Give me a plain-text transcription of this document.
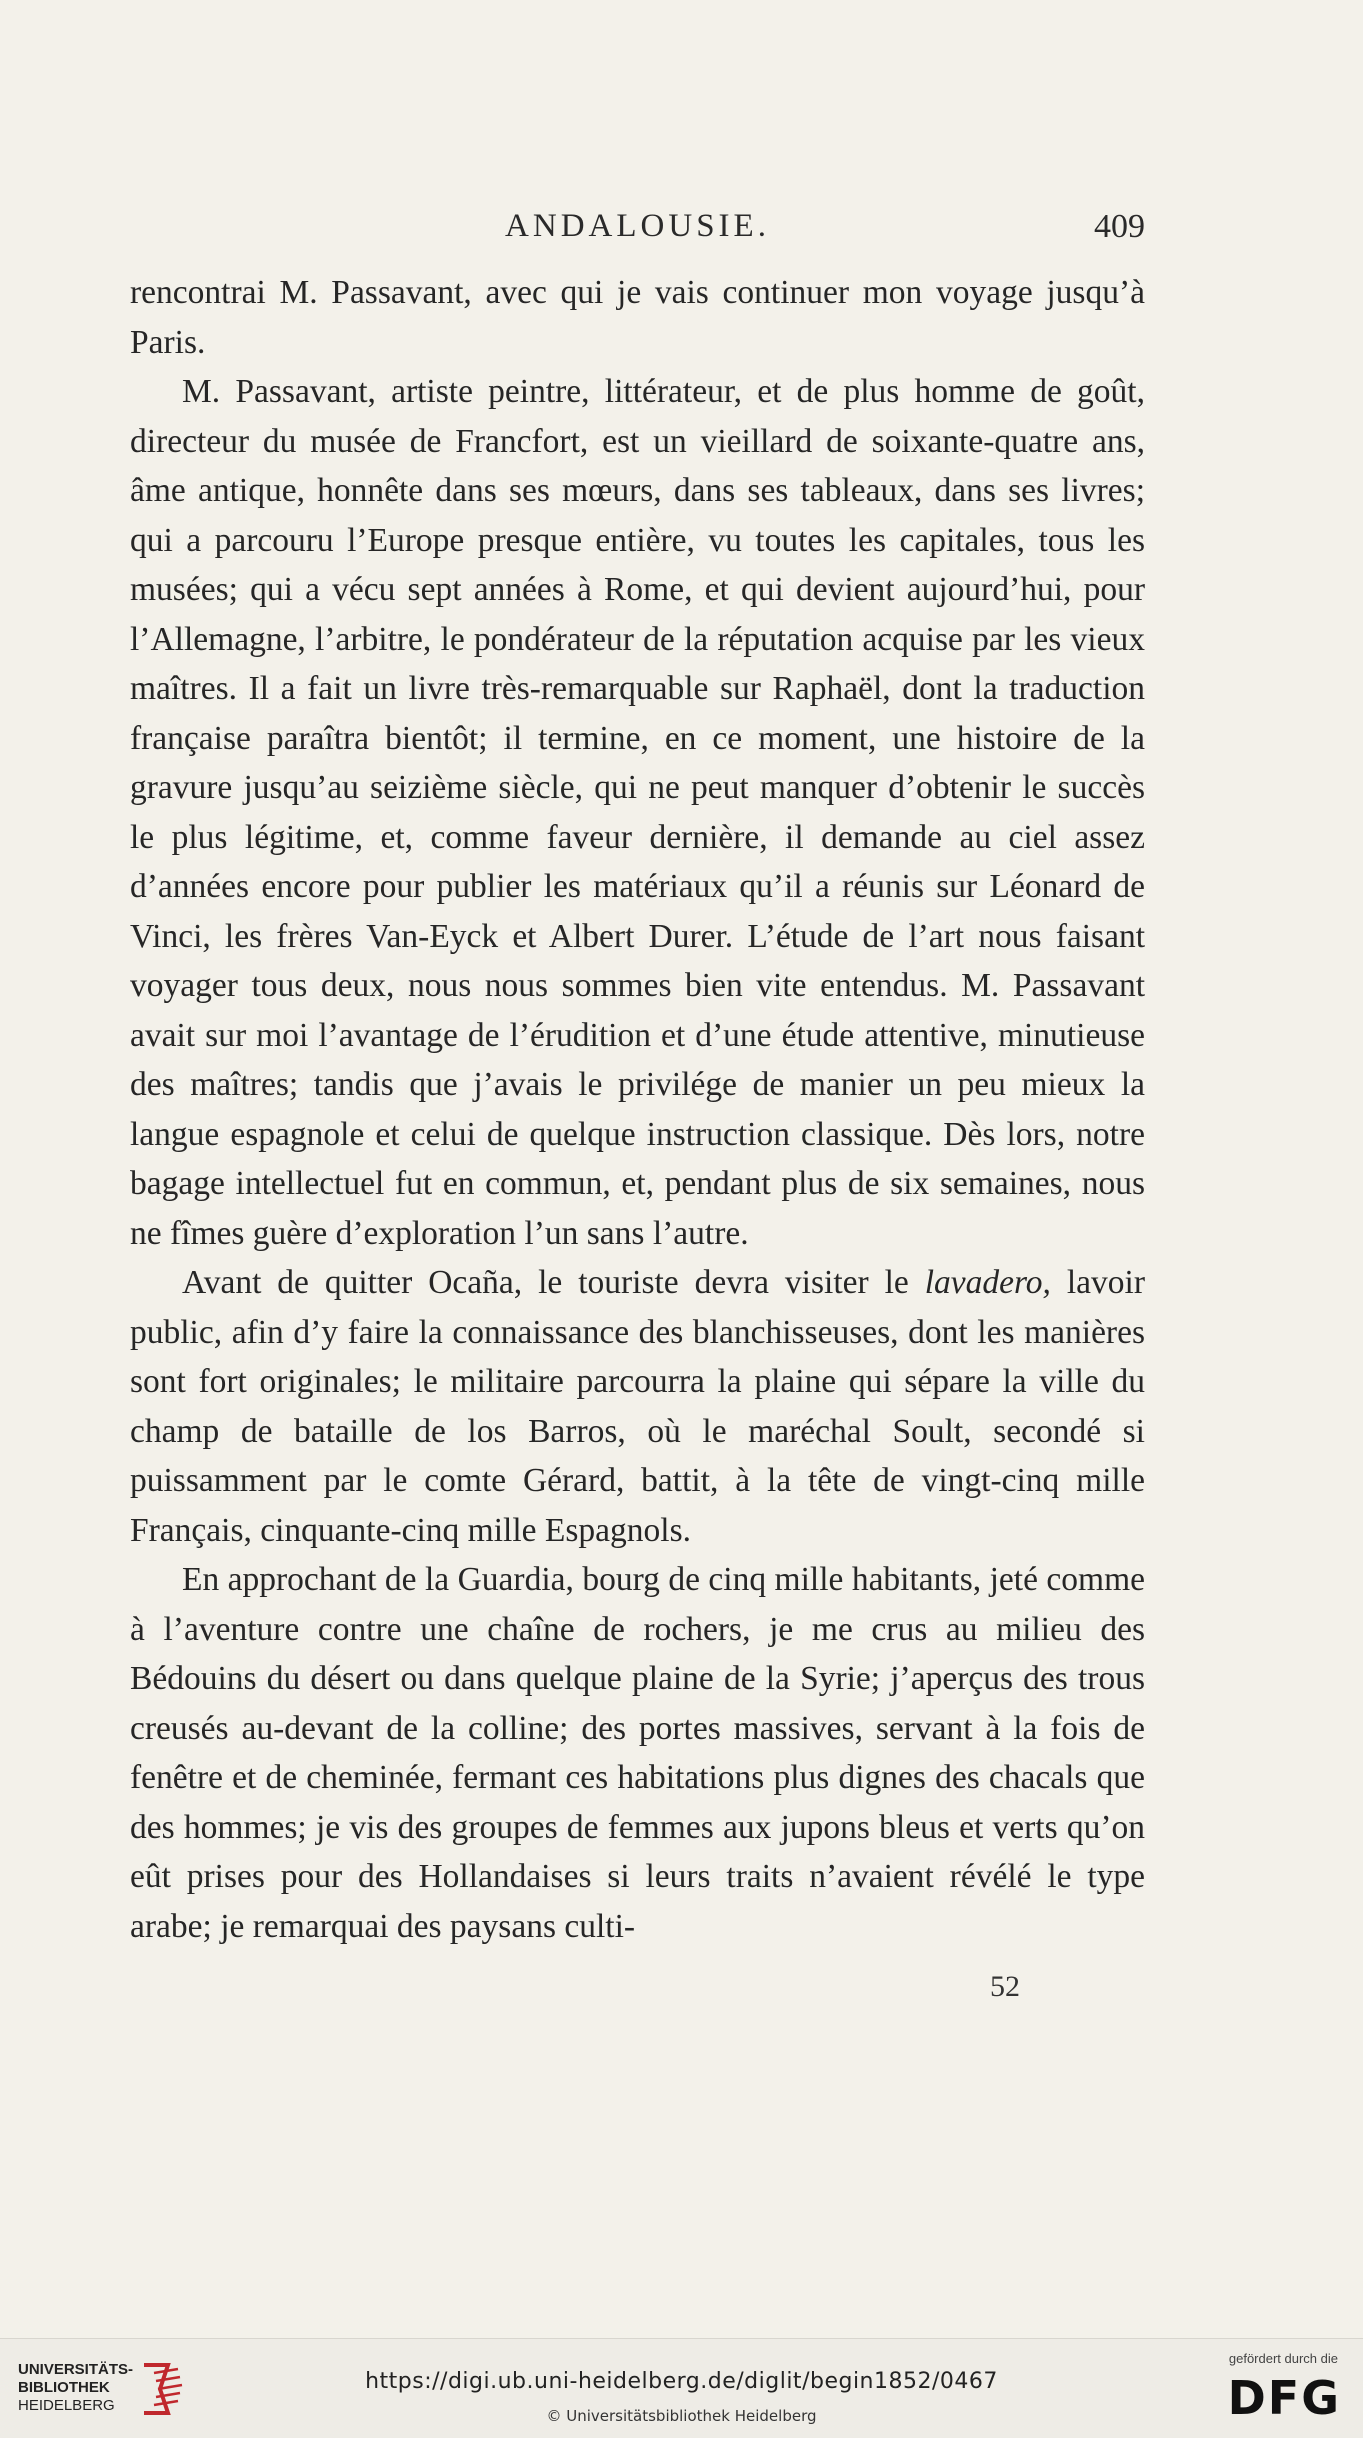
ANDALOUSIE.	409

rencontrai M. Passavant, avec qui je vais continuer mon voyage jusqu’à Paris.

M. Passavant, artiste peintre, littérateur, et de plus homme de goût, directeur du musée de Francfort, est un vieillard de soixante-quatre ans, âme antique, honnête dans ses mœurs, dans ses tableaux, dans ses livres; qui a parcouru l’Europe presque entière, vu toutes les capitales, tous les musées; qui a vécu sept années à Rome, et qui devient aujourd’hui, pour l’Allemagne, l’arbitre, le pondérateur de la réputation acquise par les vieux maîtres. Il a fait un livre très-remarquable sur Raphaël, dont la traduction française paraîtra bientôt; il termine, en ce moment, une histoire de la gravure jusqu’au seizième siècle, qui ne peut manquer d’obtenir le succès le plus légitime, et, comme faveur dernière, il demande au ciel assez d’années encore pour publier les matériaux qu’il a réunis sur Léonard de Vinci, les frères Van-Eyck et Albert Durer. L’étude de l’art nous faisant voyager tous deux, nous nous sommes bien vite entendus. M. Passavant avait sur moi l’avantage de l’érudition et d’une étude attentive, minutieuse des maîtres; tandis que j’avais le privilége de manier un peu mieux la langue espagnole et celui de quelque instruction classique. Dès lors, notre bagage intellectuel fut en commun, et, pendant plus de six semaines, nous ne fîmes guère d’exploration l’un sans l’autre.

Avant de quitter Ocaña, le touriste devra visiter le lavadero, lavoir public, afin d’y faire la connaissance des blanchisseuses, dont les manières sont fort originales; le militaire parcourra la plaine qui sépare la ville du champ de bataille de los Barros, où le maréchal Soult, secondé si puissamment par le comte Gérard, battit, à la tête de vingt-cinq mille Français, cinquante-cinq mille Espagnols.

En approchant de la Guardia, bourg de cinq mille habitants, jeté comme à l’aventure contre une chaîne de rochers, je me crus au milieu des Bédouins du désert ou dans quelque plaine de la Syrie; j’aperçus des trous creusés au-devant de la colline; des portes massives, servant à la fois de fenêtre et de cheminée, fermant ces habitations plus dignes des chacals que des hommes; je vis des groupes de femmes aux jupons bleus et verts qu’on eût prises pour des Hollandaises si leurs traits n’avaient révélé le type arabe; je remarquai des paysans culti-

52
UNIVERSITÄTS-
BIBLIOTHEK
HEIDELBERG
https://digi.ub.uni-heidelberg.de/diglit/begin1852/0467
© Universitätsbibliothek Heidelberg
gefördert durch die
DFG
